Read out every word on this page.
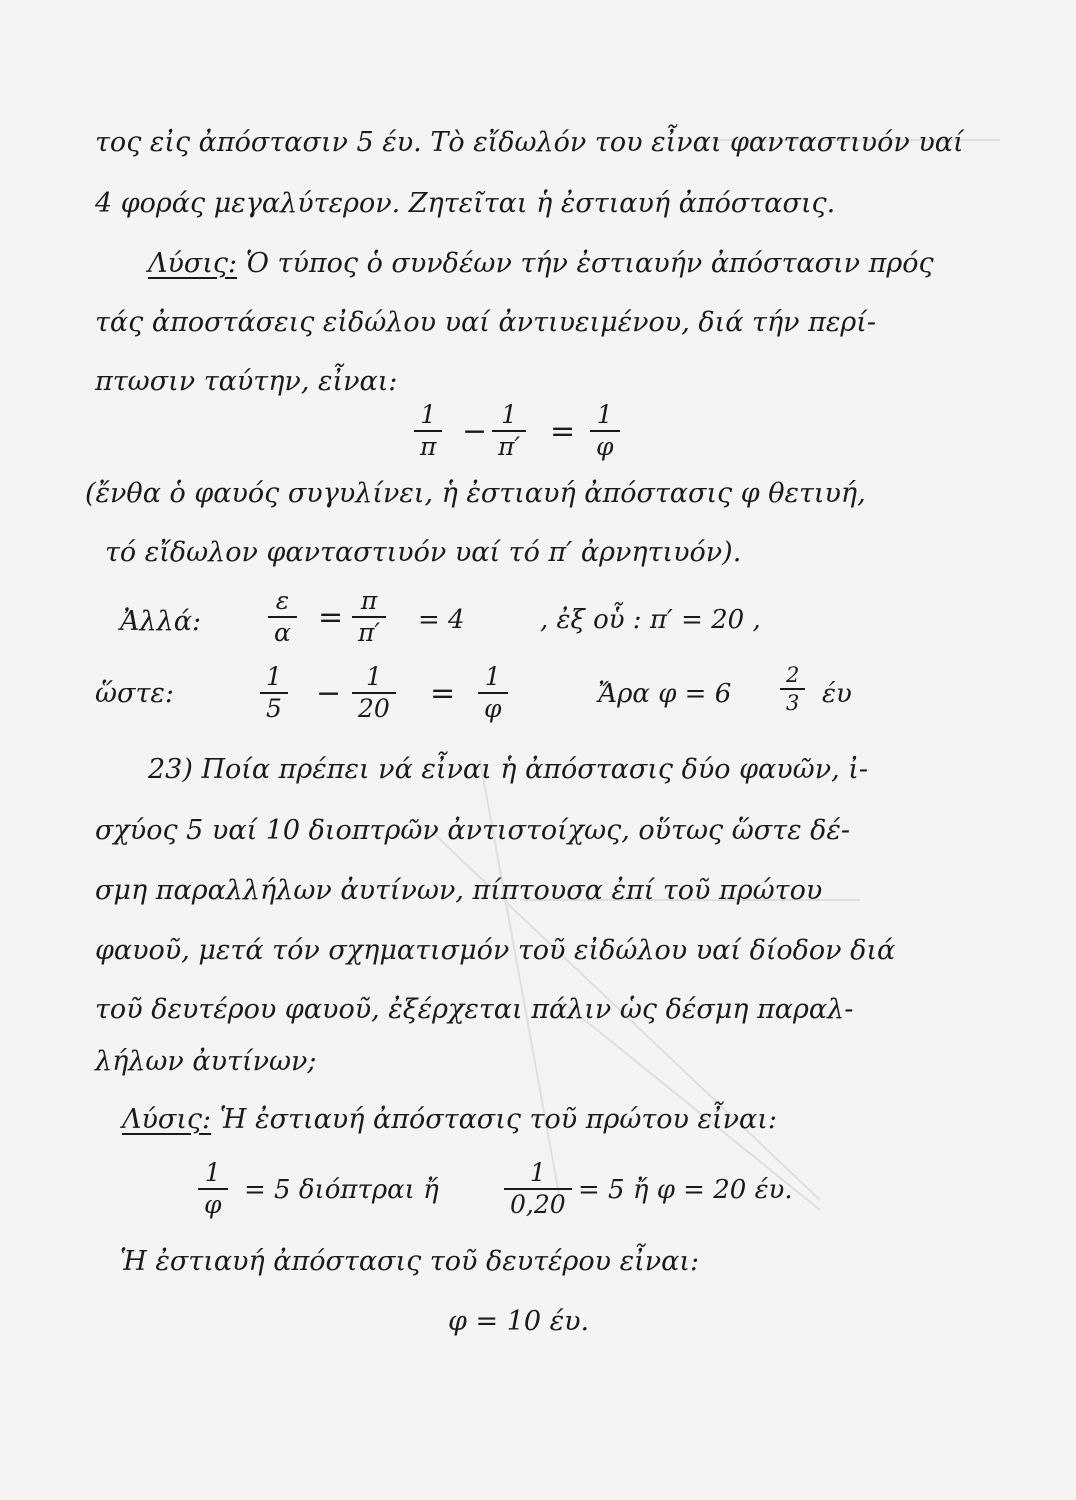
τος εἰς ἀπόστασιν 5 έυ. Τὸ εἴδωλόν του εἶναι φανταστιυόν υαί
4 φοράς μεγαλύτερον. Ζητεῖται ἡ ἐστιαυή ἀπόστασις.
Λύσις: Ὁ τύπος ὁ συνδέων τήν ἐστιαυήν ἀπόστασιν πρός
τάς ἀποστάσεις εἰδώλου υαί ἀντιυειμένου, διά τήν περί-
πτωσιν ταύτην, εἶναι:
1
π − 1
π′ = 1
φ
(ἔνθα ὁ φαυός συγυλίνει, ἡ ἐστιαυή ἀπόστασις φ θετιυή,
τό εἴδωλον φανταστιυόν υαί τό π′ ἀρνητιυόν).
Ἀλλά:
ε
α = π
π′ = 4	, ἐξ οὗ : π′ = 20 ,
ὥστε:
1
5 − 1
20 = 1
φ	Ἄρα φ = 6
2
3 έυ
23) Ποία πρέπει νά εἶναι ἡ ἀπόστασις δύο φαυῶν, ἰ-
σχύος 5 υαί 10 διοπτρῶν ἀντιστοίχως, οὕτως ὥστε δέ-
σμη παραλλήλων ἀυτίνων, πίπτουσα ἐπί τοῦ πρώτου
φαυοῦ, μετά τόν σχηματισμόν τοῦ εἰδώλου υαί δίοδον διά
τοῦ δευτέρου φαυοῦ, ἐξέρχεται πάλιν ὡς δέσμη παραλ-
λήλων ἀυτίνων;
Λύσις: Ἡ ἐστιαυή ἀπόστασις τοῦ πρώτου εἶναι:
1
φ = 5 διόπτραι ἤ
1
0,20 = 5 ἤ φ = 20 έυ.
Ἡ ἐστιαυή ἀπόστασις τοῦ δευτέρου εἶναι:
φ = 10 έυ.
